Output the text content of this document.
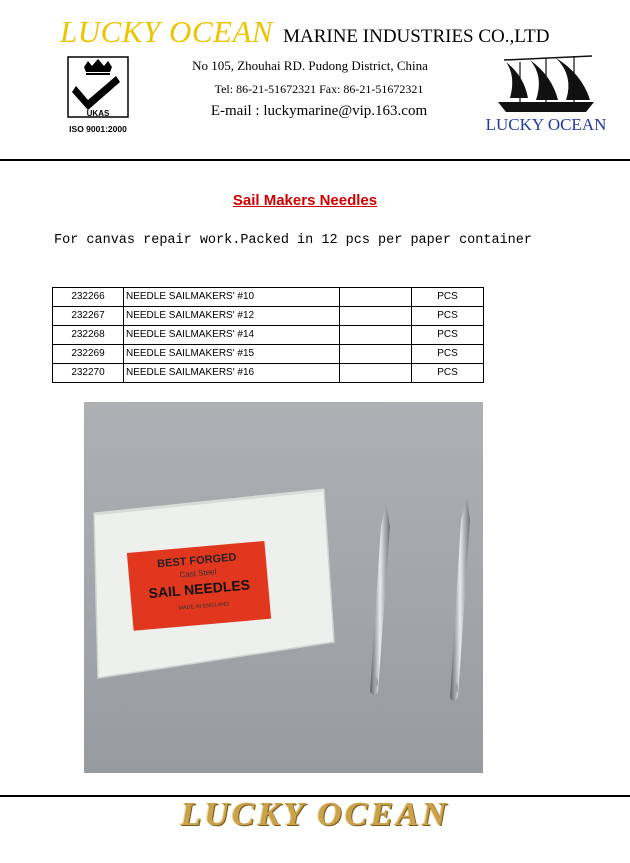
LUCKY OCEAN MARINE INDUSTRIES CO.,LTD
UKAS
ISO 9001:2000
No 105, Zhouhai RD. Pudong District, China
Tel: 86-21-51672321 Fax: 86-21-51672321
E-mail : luckymarine@vip.163.com
LUCKY OCEAN
Sail Makers Needles
For canvas repair work.Packed in 12 pcs per paper container
232266	NEEDLE SAILMAKERS' #10		PCS
232267	NEEDLE SAILMAKERS' #12		PCS
232268	NEEDLE SAILMAKERS' #14		PCS
232269	NEEDLE SAILMAKERS' #15		PCS
232270	NEEDLE SAILMAKERS' #16		PCS
BEST FORGED
Cast Steel
SAIL NEEDLES
MADE IN ENGLAND
LUCKY OCEAN
